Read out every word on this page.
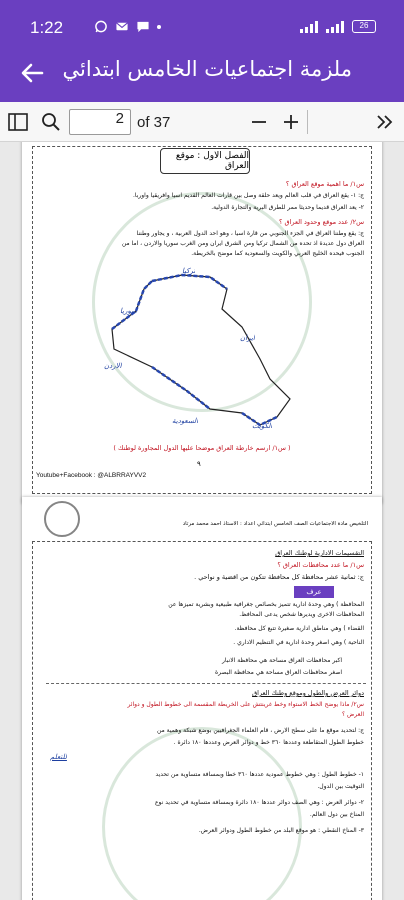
1:22	26
ملزمة اجتماعيات الخامس ابتدائي
2 of 37
الفصل الاول : موقع العراق
س١/ ما اهمية موقع العراق ؟
ج: ١- يقع العراق في قلب العالم ويعد حلقة وصل بين قارات العالم القديم اسيا وافريقيا واوربا.
٢- يعد العراق قديما وحديثاً ممر للطرق البرية والتجارة الدولية.
س٢/ عدد موقع وحدود العراق ؟
ج: يقع وطننا العراق في الجزء الجنوبي من قارة اسيا ، وهو احد الدول العربية ، و يجاور وطننا
العراق دول عديدة اذ تحده من الشمال تركيا ومن الشرق ايران ومن الغرب سوريا والاردن ، اما من
الجنوب فيحده الخليج العربي والكويت والسعودية كما موضح بالخريطة.
تركيا
سوريا
الاردن
السعودية
ايران
الكويت
( س١/ ارسم خارطة العراق موضحا عليها الدول المجاورة لوطنك )
٩
Youtube+Facebook : @ALBRRAYVV2
التلخيص مادة الاجتماعيات الصف الخامس ابتدائي اعداد : الاستاذ احمد محمد مرتاد
التقسيمات الادارية لوطنك العراق
س١/ ما عدد محافظات العراق ؟
ج: ثمانية عشر محافظة كل محافظة تتكون من اقضية و نواحي .
عرف
المحافظة ) وهي وحدة ادارية تتميز بخصائص جغرافية طبيعية وبشرية تميزها عن
المحافظات الاخرى ويديرها شخص يدعى المحافظ.
القضاء ) وهي مناطق ادارية صغيرة تتبع كل محافظة.
الناحية ) وهي اصغر وحدة ادارية في التنظيم الاداري .
اكبر محافظات العراق مساحة هي محافظة الانبار
اصغر محافظات العراق مساحة هي محافظة البصرة
دوائر العرض والطول وموقع وطنك العراق
س٢/ ماذا يوضح الخط الاستواء وخط غرينتش على الخريطة المقسمة الى خطوط الطول و دوائر
العرض ؟
ج: لتحديد موقع ما على سطح الارض ، قام العلماء الجغرافيين بوضع شبكة وهمية من
خطوط الطول المتقاطعة وعددها ٣٦٠ خط و دوائر العرض وعددها ١٨٠ دائرة .
للتعلم
١- خطوط الطول : وهي خطوط عمودية عددها ٣٦٠ خطا وبمسافة متساوية من تحديد
التوقيت بين الدول.
٢- دوائر العرض : وهي الصف دوائر عددها ١٨٠ دائرة وبمسافة متساوية في تحديد نوع
المناخ بين دول العالم.
٣- المناخ النقطي : هو موقع البلد من خطوط الطول ودوائر العرض.
